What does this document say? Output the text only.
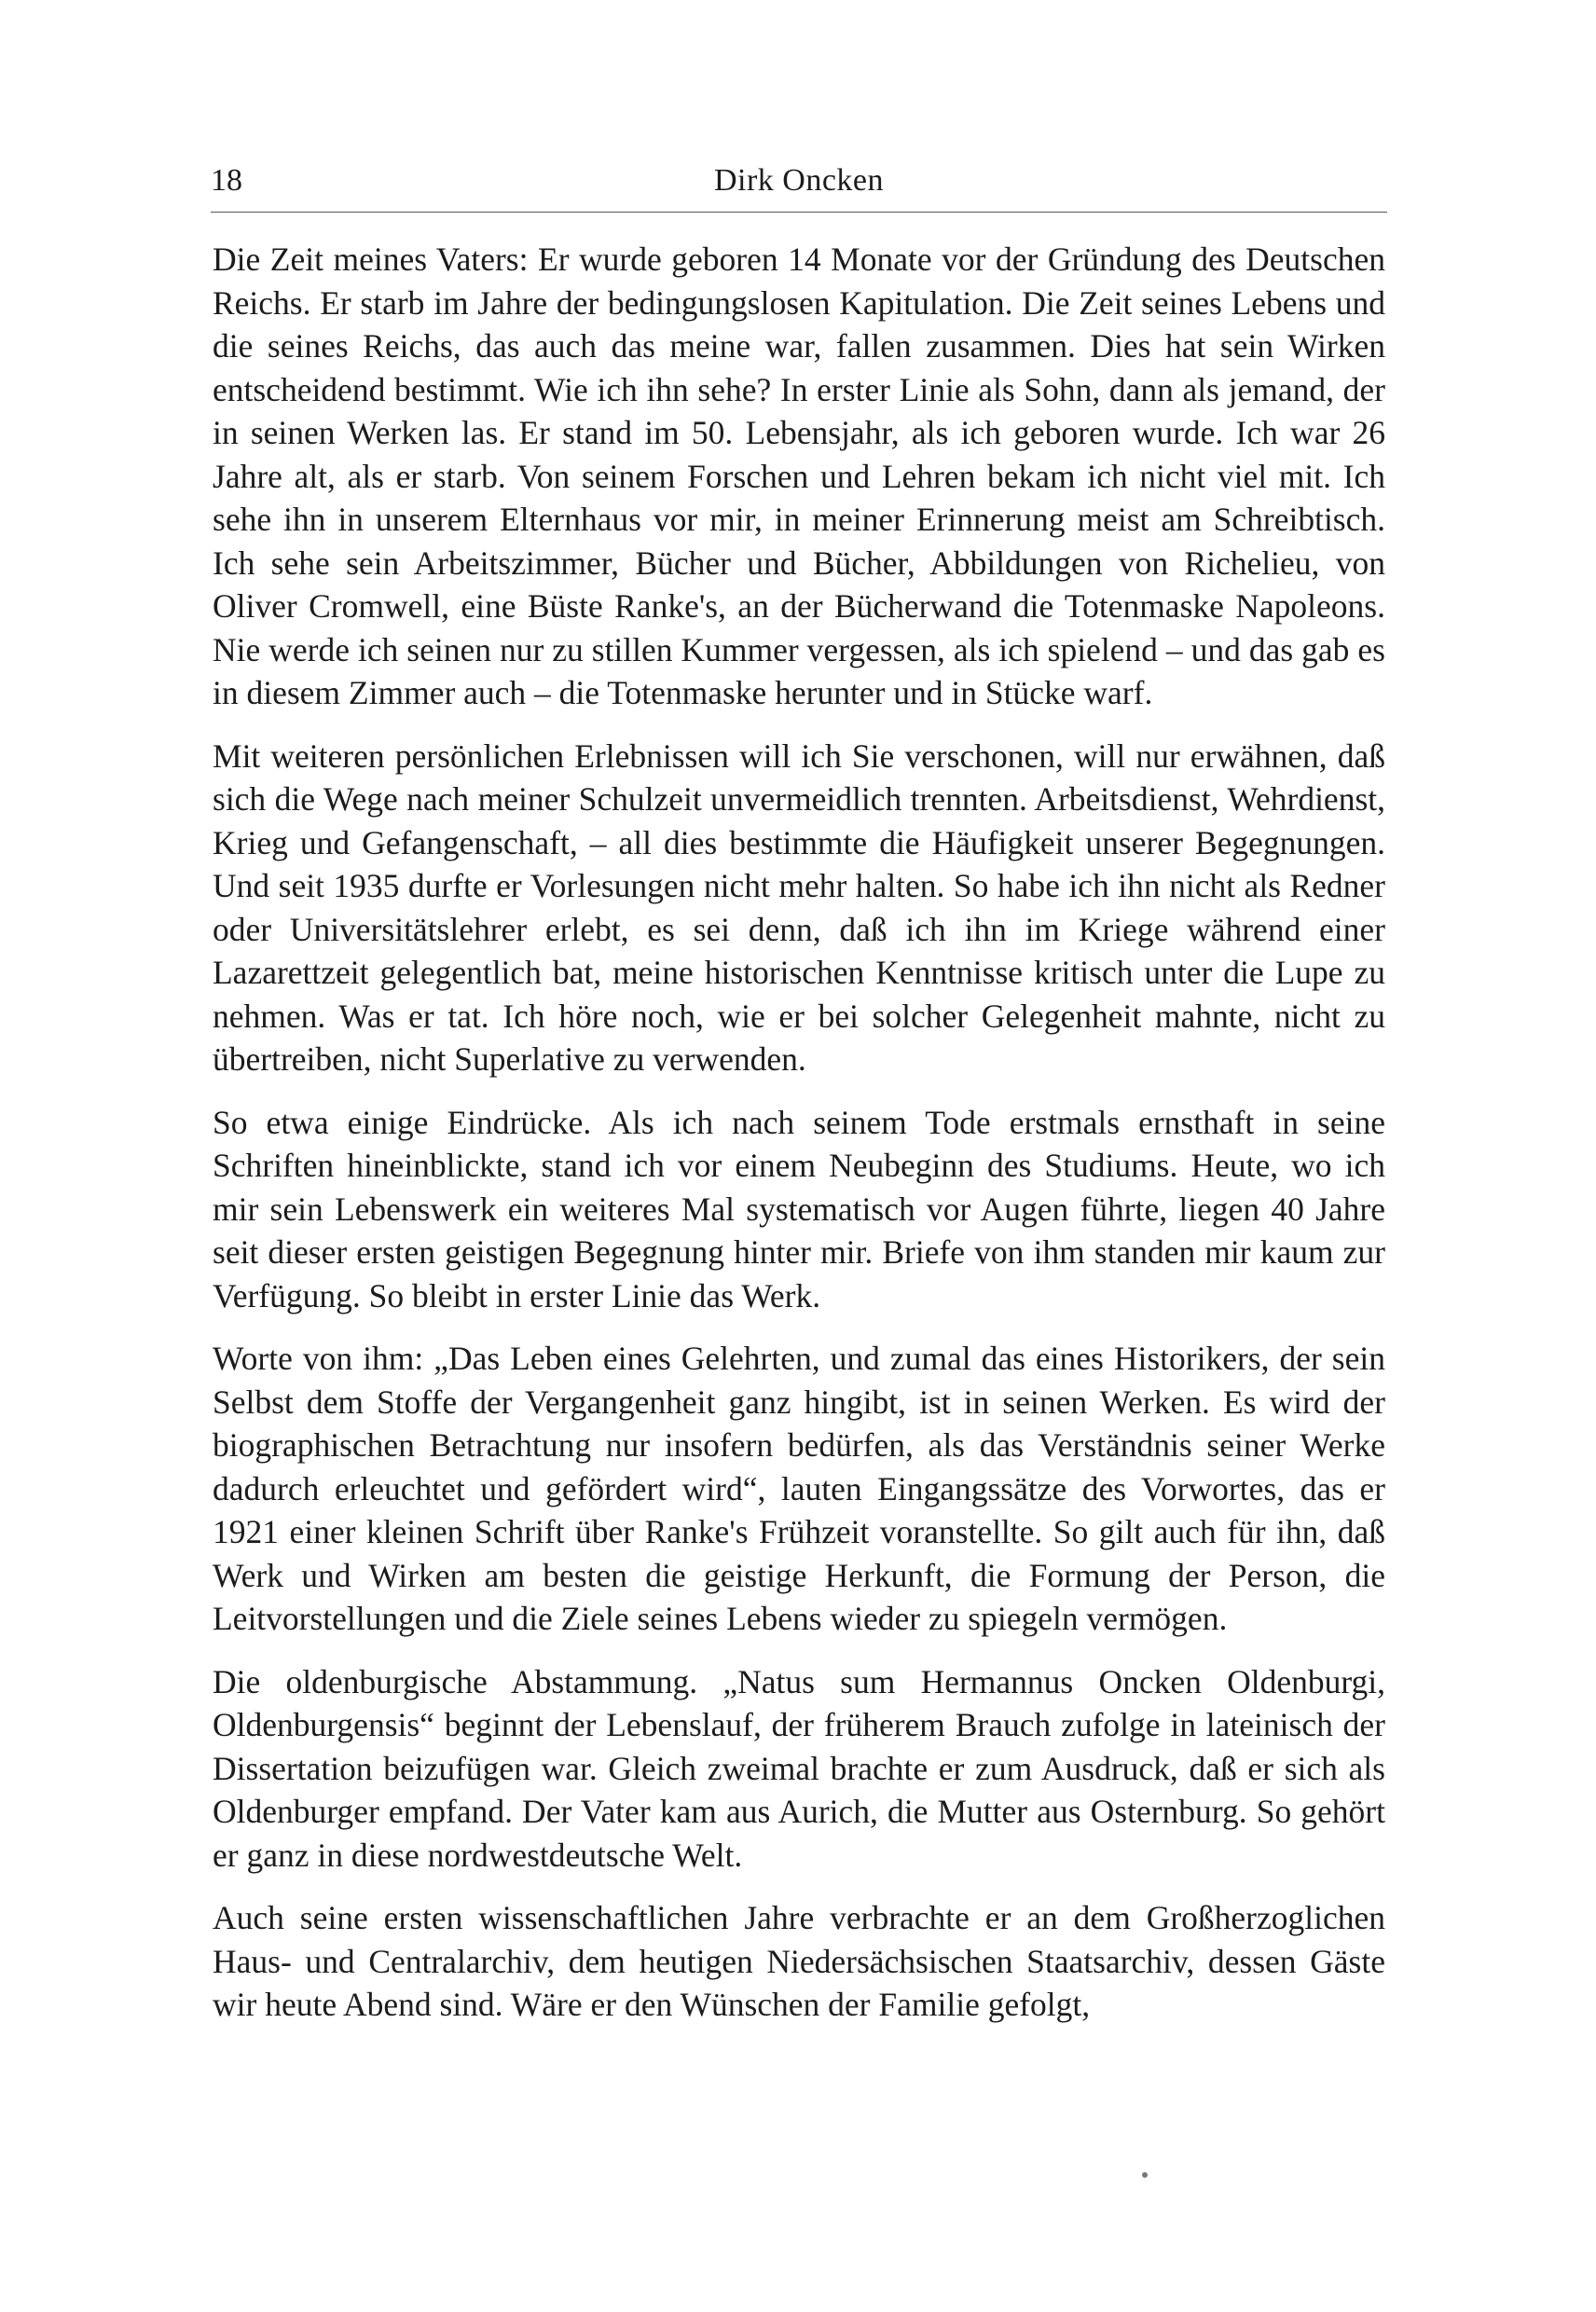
18	Dirk Oncken

Die Zeit meines Vaters: Er wurde geboren 14 Monate vor der Gründung des Deutschen Reichs. Er starb im Jahre der bedingungslosen Kapitulation. Die Zeit seines Lebens und die seines Reichs, das auch das meine war, fallen zusammen. Dies hat sein Wirken entscheidend bestimmt. Wie ich ihn sehe? In erster Linie als Sohn, dann als jemand, der in seinen Werken las. Er stand im 50. Lebensjahr, als ich geboren wurde. Ich war 26 Jahre alt, als er starb. Von seinem Forschen und Lehren bekam ich nicht viel mit. Ich sehe ihn in unserem Elternhaus vor mir, in meiner Erinnerung meist am Schreibtisch. Ich sehe sein Arbeitszimmer, Bücher und Bücher, Abbildungen von Richelieu, von Oliver Cromwell, eine Büste Ranke's, an der Bücherwand die Totenmaske Napoleons. Nie werde ich seinen nur zu stillen Kummer vergessen, als ich spielend – und das gab es in diesem Zimmer auch – die Totenmaske herunter und in Stücke warf.

Mit weiteren persönlichen Erlebnissen will ich Sie verschonen, will nur erwähnen, daß sich die Wege nach meiner Schulzeit unvermeidlich trennten. Arbeitsdienst, Wehrdienst, Krieg und Gefangenschaft, – all dies bestimmte die Häufigkeit unserer Begegnungen. Und seit 1935 durfte er Vorlesungen nicht mehr halten. So habe ich ihn nicht als Redner oder Universitätslehrer erlebt, es sei denn, daß ich ihn im Kriege während einer Lazarettzeit gelegentlich bat, meine historischen Kenntnisse kritisch unter die Lupe zu nehmen. Was er tat. Ich höre noch, wie er bei solcher Gelegenheit mahnte, nicht zu übertreiben, nicht Superlative zu verwenden.

So etwa einige Eindrücke. Als ich nach seinem Tode erstmals ernsthaft in seine Schriften hineinblickte, stand ich vor einem Neubeginn des Studiums. Heute, wo ich mir sein Lebenswerk ein weiteres Mal systematisch vor Augen führte, liegen 40 Jahre seit dieser ersten geistigen Begegnung hinter mir. Briefe von ihm standen mir kaum zur Verfügung. So bleibt in erster Linie das Werk.

Worte von ihm: „Das Leben eines Gelehrten, und zumal das eines Historikers, der sein Selbst dem Stoffe der Vergangenheit ganz hingibt, ist in seinen Werken. Es wird der biographischen Betrachtung nur insofern bedürfen, als das Verständnis seiner Werke dadurch erleuchtet und gefördert wird“, lauten Eingangssätze des Vorwortes, das er 1921 einer kleinen Schrift über Ranke's Frühzeit voranstellte. So gilt auch für ihn, daß Werk und Wirken am besten die geistige Herkunft, die Formung der Person, die Leitvorstellungen und die Ziele seines Lebens wieder zu spiegeln vermögen.

Die oldenburgische Abstammung. „Natus sum Hermannus Oncken Oldenburgi, Oldenburgensis“ beginnt der Lebenslauf, der früherem Brauch zufolge in lateinisch der Dissertation beizufügen war. Gleich zweimal brachte er zum Ausdruck, daß er sich als Oldenburger empfand. Der Vater kam aus Aurich, die Mutter aus Osternburg. So gehört er ganz in diese nordwestdeutsche Welt.

Auch seine ersten wissenschaftlichen Jahre verbrachte er an dem Großherzoglichen Haus- und Centralarchiv, dem heutigen Niedersächsischen Staatsarchiv, dessen Gäste wir heute Abend sind. Wäre er den Wünschen der Familie gefolgt,
